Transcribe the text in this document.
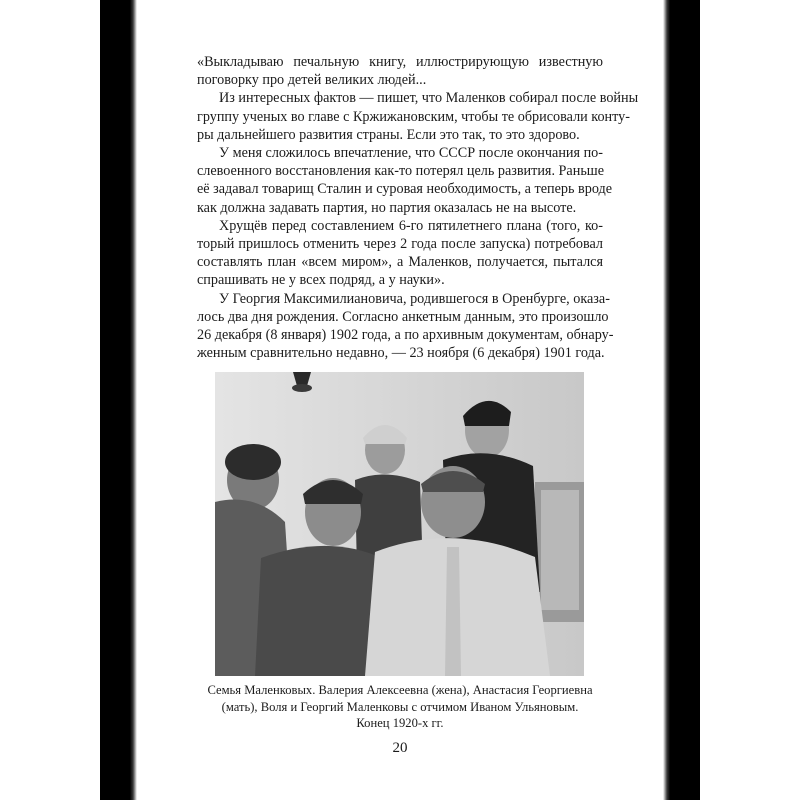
«Выкладываю печальную книгу, иллюстрирующую известную
поговорку про детей великих людей...

Из интересных фактов — пишет, что Маленков собирал после войны
группу ученых во главе с Кржижановским, чтобы те обрисовали конту-
ры дальнейшего развития страны. Если это так, то это здорово.

У меня сложилось впечатление, что СССР после окончания по-
слевоенного восстановления как-то потерял цель развития. Раньше
её задавал товарищ Сталин и суровая необходимость, а теперь вроде
как должна задавать партия, но партия оказалась не на высоте.

Хрущёв перед составлением 6-го пятилетнего плана (того, ко-
торый пришлось отменить через 2 года после запуска) потребовал
составлять план «всем миром», а Маленков, получается, пытался
спрашивать не у всех подряд, а у науки».

У Георгия Максимилиановича, родившегося в Оренбурге, оказа-
лось два дня рождения. Согласно анкетным данным, это произошло
26 декабря (8 января) 1902 года, а по архивным документам, обнару-
женным сравнительно недавно, — 23 ноября (6 декабря) 1901 года.

Семья Маленковых. Валерия Алексеевна (жена), Анастасия Георгиевна
(мать), Воля и Георгий Маленковы с отчимом Иваном Ульяновым.
Конец 1920-х гг.
20
